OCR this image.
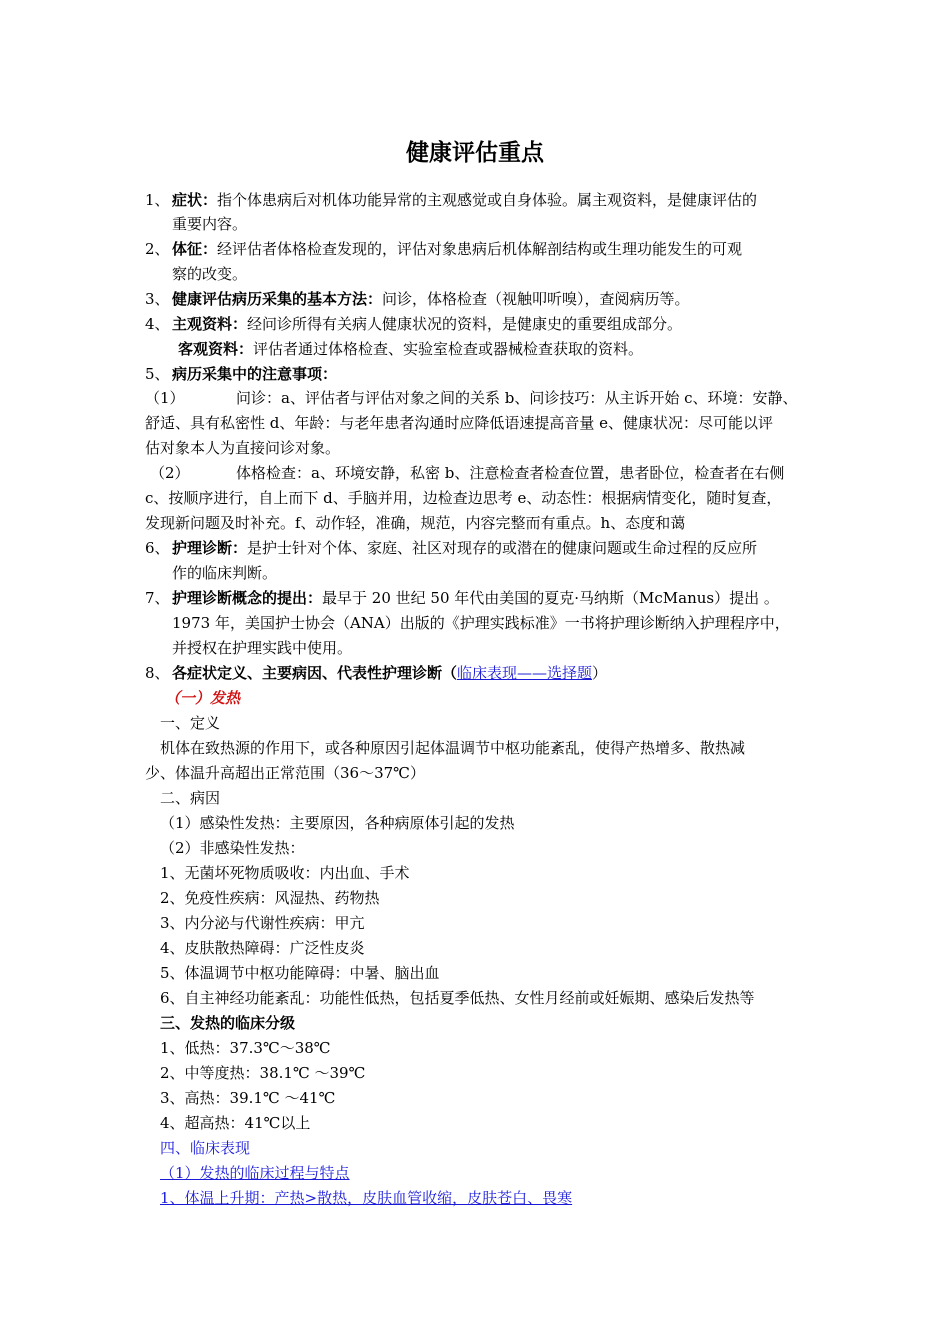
健康评估重点
1、 症状：指个体患病后对机体功能异常的主观感觉或自身体验。属主观资料，是健康评估的
重要内容。
2、 体征：经评估者体格检查发现的，评估对象患病后机体解剖结构或生理功能发生的可观
察的改变。
3、 健康评估病历采集的基本方法：问诊，体格检查（视触叩听嗅），查阅病历等。
4、 主观资料：经问诊所得有关病人健康状况的资料，是健康史的重要组成部分。
客观资料：评估者通过体格检查、实验室检查或器械检查获取的资料。
5、 病历采集中的注意事项：
（1）	问诊：a、评估者与评估对象之间的关系 b、问诊技巧：从主诉开始 c、环境：安静、
舒适、具有私密性 d、年龄：与老年患者沟通时应降低语速提高音量 e、健康状况：尽可能以评
估对象本人为直接问诊对象。
（2）	体格检查：a、环境安静，私密 b、注意检查者检查位置，患者卧位，检查者在右侧
c、按顺序进行，自上而下 d、手脑并用，边检查边思考 e、动态性：根据病情变化，随时复查，
发现新问题及时补充。f、动作轻，准确，规范，内容完整而有重点。h、态度和蔼
6、 护理诊断：是护士针对个体、家庭、社区对现存的或潜在的健康问题或生命过程的反应所
作的临床判断。
7、 护理诊断概念的提出：最早于 20 世纪 50 年代由美国的夏克·马纳斯（McManus）提出 。
1973 年，美国护士协会（ANA）出版的《护理实践标准》一书将护理诊断纳入护理程序中，
并授权在护理实践中使用。
8、 各症状定义、主要病因、代表性护理诊断（临床表现——选择题）
（一）发热
一、定义
机体在致热源的作用下，或各种原因引起体温调节中枢功能紊乱，使得产热增多、散热减
少、体温升高超出正常范围（36～37℃）
二、病因
（1）感染性发热：主要原因，各种病原体引起的发热
（2）非感染性发热：
1、无菌坏死物质吸收：内出血、手术
2、免疫性疾病：风湿热、药物热
3、内分泌与代谢性疾病：甲亢
4、皮肤散热障碍：广泛性皮炎
5、体温调节中枢功能障碍：中暑、脑出血
6、自主神经功能紊乱：功能性低热，包括夏季低热、女性月经前或妊娠期、感染后发热等
三、发热的临床分级
1、低热：37.3℃～38℃
2、中等度热：38.1℃ ～39℃
3、高热：39.1℃ ～41℃
4、超高热：41℃以上
四、临床表现
（1）发热的临床过程与特点
1、体温上升期：产热>散热，皮肤血管收缩，皮肤苍白、畏寒
